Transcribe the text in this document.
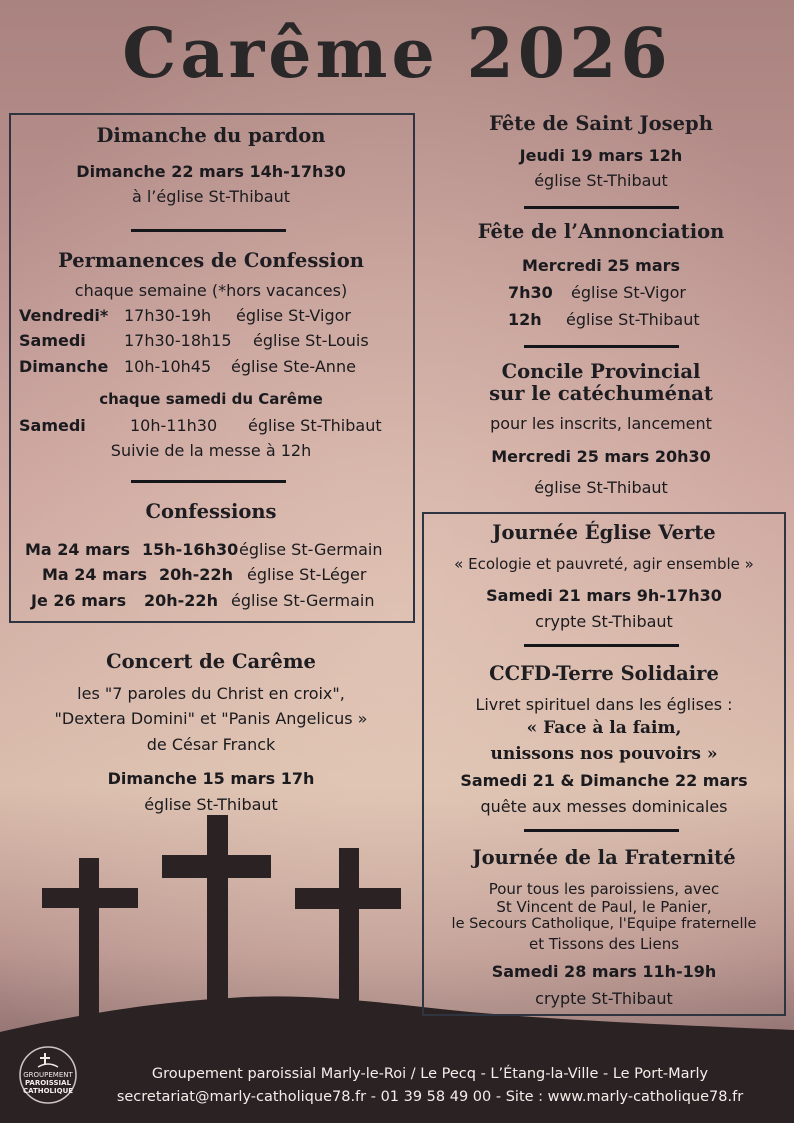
Carême 2026
Dimanche du pardon
Dimanche 22 mars 14h-17h30
à l’église St-Thibaut
Permanences de Confession
chaque semaine (*hors vacances)
Vendredi* 17h30-19h église St-Vigor
Samedi 17h30-18h15 église St-Louis
Dimanche 10h-10h45 église Ste-Anne
chaque samedi du Carême
Samedi	10h-11h30 église St-Thibaut
Suivie de la messe à 12h
Confessions
Ma 24 mars 15h-16h30 église St-Germain
Ma 24 mars 20h-22h église St-Léger
Je 26 mars 20h-22h église St-Germain
Concert de Carême
les "7 paroles du Christ en croix",
"Dextera Domini" et "Panis Angelicus »
de César Franck
Dimanche 15 mars 17h
église St-Thibaut
Fête de Saint Joseph
Jeudi 19 mars 12h
église St-Thibaut
Fête de l’Annonciation
Mercredi 25 mars
7h30 église St-Vigor
12h église St-Thibaut
Concile Provincial
sur le catéchuménat
pour les inscrits, lancement
Mercredi 25 mars 20h30
église St-Thibaut
Journée Église Verte
« Ecologie et pauvreté, agir ensemble »
Samedi 21 mars 9h-17h30
crypte St-Thibaut
CCFD-Terre Solidaire
Livret spirituel dans les églises :
« Face à la faim,
unissons nos pouvoirs »
Samedi 21 & Dimanche 22 mars
quête aux messes dominicales
Journée de la Fraternité
Pour tous les paroissiens, avec
St Vincent de Paul, le Panier,
le Secours Catholique, l'Equipe fraternelle
et Tissons des Liens
Samedi 28 mars 11h-19h
crypte St-Thibaut
GROUPEMENT
PAROISSIAL
CATHOLIQUE
Groupement paroissial Marly-le-Roi / Le Pecq - L’Étang-la-Ville - Le Port-Marly
secretariat@marly-catholique78.fr - 01 39 58 49 00 - Site : www.marly-catholique78.fr
